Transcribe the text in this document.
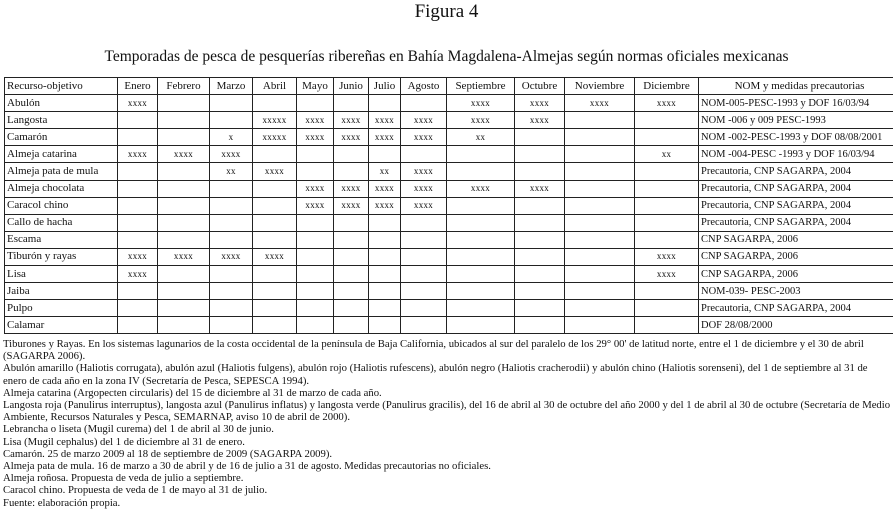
Figura 4
Temporadas de pesca de pesquerías ribereñas en Bahía Magdalena-Almejas según normas oficiales mexicanas
Recurso-objetivo	Enero	Febrero	Marzo	Abril	Mayo	Junio	Julio	Agosto	Septiembre	Octubre	Noviembre	Diciembre	NOM y medidas precautorias
Abulón	xxxx								xxxx	xxxx	xxxx	xxxx	NOM-005-PESC-1993 y DOF 16/03/94
Langosta				xxxxx	xxxx	xxxx	xxxx	xxxx	xxxx	xxxx			NOM -006 y 009 PESC-1993
Camarón			x	xxxxx	xxxx	xxxx	xxxx	xxxx	xx				NOM -002-PESC-1993 y DOF 08/08/2001
Almeja catarina	xxxx	xxxx	xxxx									xx	NOM -004-PESC -1993 y DOF 16/03/94
Almeja pata de mula			xx	xxxx			xx	xxxx					Precautoria, CNP SAGARPA, 2004
Almeja chocolata					xxxx	xxxx	xxxx	xxxx	xxxx	xxxx			Precautoria, CNP SAGARPA, 2004
Caracol chino					xxxx	xxxx	xxxx	xxxx					Precautoria, CNP SAGARPA, 2004
Callo de hacha													Precautoria, CNP SAGARPA, 2004
Escama													CNP SAGARPA, 2006
Tiburón y rayas	xxxx	xxxx	xxxx	xxxx								xxxx	CNP SAGARPA, 2006
Lisa	xxxx											xxxx	CNP SAGARPA, 2006
Jaiba													NOM-039- PESC-2003
Pulpo													Precautoria, CNP SAGARPA, 2004
Calamar													DOF 28/08/2000
Tiburones y Rayas. En los sistemas lagunarios de la costa occidental de la península de Baja California, ubicados al sur del paralelo de los 29° 00' de latitud norte, entre el 1 de diciembre y el 30 de abril (SAGARPA 2006).
Abulón amarillo (Haliotis corrugata), abulón azul (Haliotis fulgens), abulón rojo (Haliotis rufescens), abulón negro (Haliotis cracherodii) y abulón chino (Haliotis sorenseni), del 1 de septiembre al 31 de enero de cada año en la zona IV (Secretaría de Pesca, SEPESCA 1994).
Almeja catarina (Argopecten circularis) del 15 de diciembre al 31 de marzo de cada año.
Langosta roja (Panulirus interruptus), langosta azul (Panulirus inflatus) y langosta verde (Panulirus gracilis), del 16 de abril al 30 de octubre del año 2000 y del 1 de abril al 30 de octubre (Secretaría de Medio Ambiente, Recursos Naturales y Pesca, SEMARNAP, aviso 10 de abril de 2000).
Lebrancha o liseta (Mugil curema) del 1 de abril al 30 de junio.
Lisa (Mugil cephalus) del 1 de diciembre al 31 de enero.
Camarón. 25 de marzo 2009 al 18 de septiembre de 2009 (SAGARPA 2009).
Almeja pata de mula. 16 de marzo a 30 de abril y de 16 de julio a 31 de agosto. Medidas precautorias no oficiales.
Almeja roñosa. Propuesta de veda de julio a septiembre.
Caracol chino. Propuesta de veda de 1 de mayo al 31 de julio.
Fuente: elaboración propia.
